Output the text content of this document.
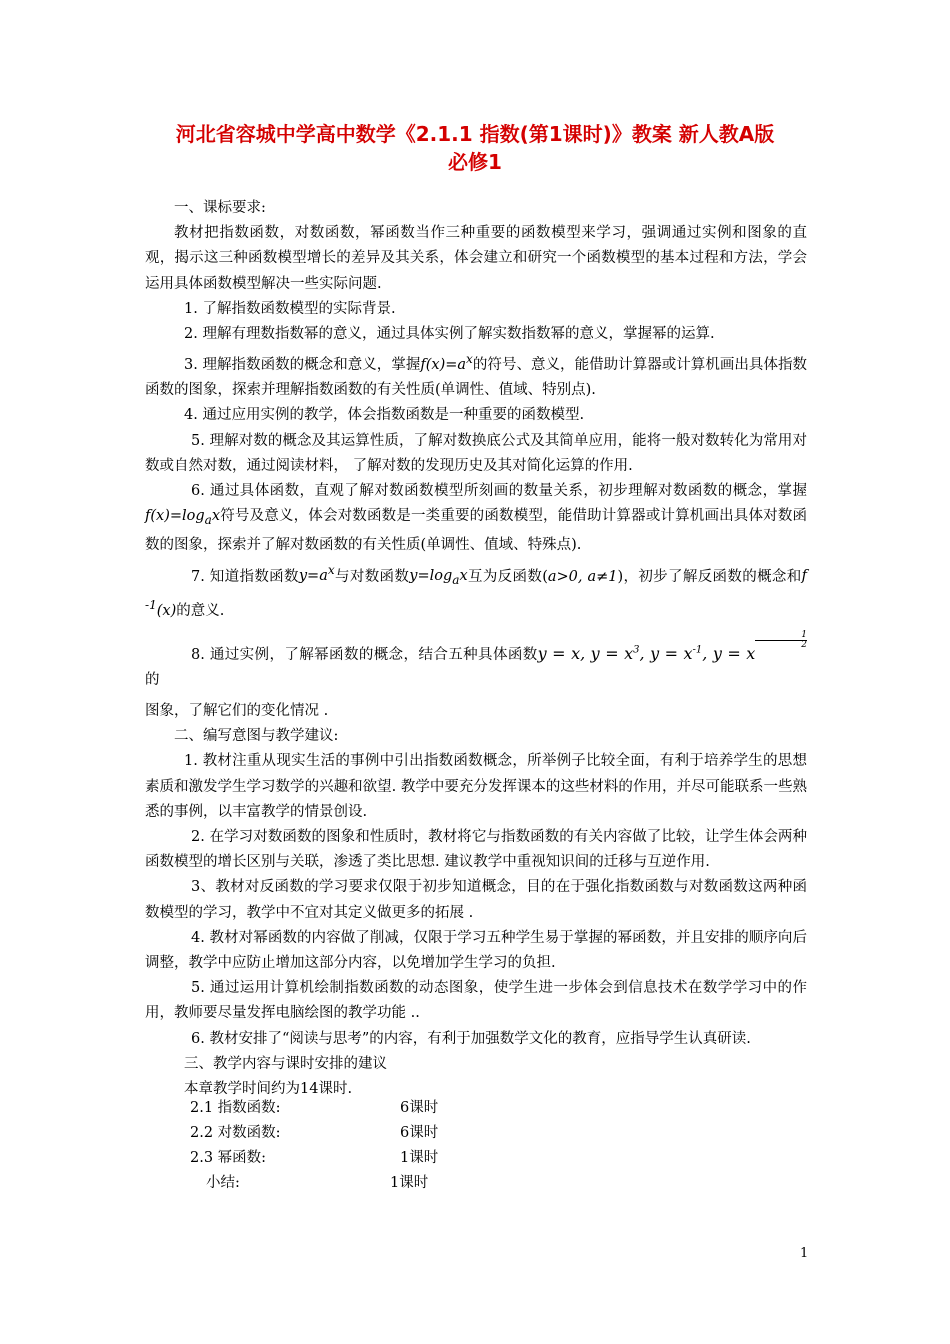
河北省容城中学高中数学《2.1.1 指数(第1课时)》教案 新人教A版
必修1

一、课标要求:

教材把指数函数，对数函数，幂函数当作三种重要的函数模型来学习，强调通过实例和图象的直观，揭示这三种函数模型增长的差异及其关系，体会建立和研究一个函数模型的基本过程和方法，学会运用具体函数模型解决一些实际问题.

1. 了解指数函数模型的实际背景.

2. 理解有理数指数幂的意义，通过具体实例了解实数指数幂的意义，掌握幂的运算.

3. 理解指数函数的概念和意义，掌握$f(x)=a^x$的符号、意义，能借助计算器或计算机画出具体指数函数的图象，探索并理解指数函数的有关性质(单调性、值域、特别点).

4. 通过应用实例的教学，体会指数函数是一种重要的函数模型.

5. 理解对数的概念及其运算性质，了解对数换底公式及其简单应用，能将一般对数转化为常用对数或自然对数，通过阅读材料， 了解对数的发现历史及其对简化运算的作用.

6. 通过具体函数，直观了解对数函数模型所刻画的数量关系，初步理解对数函数的概念，掌握$f(x)=\log_ax$符号及意义，体会对数函数是一类重要的函数模型，能借助计算器或计算机画出具体对数函数的图象，探索并了解对数函数的有关性质(单调性、值域、特殊点).

7. 知道指数函数$y=a^x$与对数函数$y=\log_ax$互为反函数(a>0, a≠1)，初步了解反函数的概念和f $^{-1}$(x)的意义.

8. 通过实例，了解幂函数的概念，结合五种具体函数y = x, $y = x^3$, $y = x^{-1}$, y = x
$^{\frac{1}{2}}$
的

图象，了解它们的变化情况 .

二、编写意图与教学建议:

1. 教材注重从现实生活的事例中引出指数函数概念，所举例子比较全面，有利于培养学生的思想素质和激发学生学习数学的兴趣和欲望. 教学中要充分发挥课本的这些材料的作用，并尽可能联系一些熟悉的事例，以丰富教学的情景创设.

2. 在学习对数函数的图象和性质时，教材将它与指数函数的有关内容做了比较，让学生体会两种函数模型的增长区别与关联，渗透了类比思想. 建议教学中重视知识间的迁移与互逆作用.

3、教材对反函数的学习要求仅限于初步知道概念，目的在于强化指数函数与对数函数这两种函数模型的学习，教学中不宜对其定义做更多的拓展 .

4. 教材对幂函数的内容做了削减，仅限于学习五种学生易于掌握的幂函数，并且安排的顺序向后调整，教学中应防止增加这部分内容，以免增加学生学习的负担.

5. 通过运用计算机绘制指数函数的动态图象，使学生进一步体会到信息技术在数学学习中的作用，教师要尽量发挥电脑绘图的教学功能 ..

6. 教材安排了“阅读与思考”的内容，有利于加强数学文化的教育，应指导学生认真研读.

三、教学内容与课时安排的建议

本章教学时间约为14课时.

2.1 指数函数:	6课时
2.2 对数函数:	6课时
2.3 幂函数:	1课时
小结:	1课时
1
